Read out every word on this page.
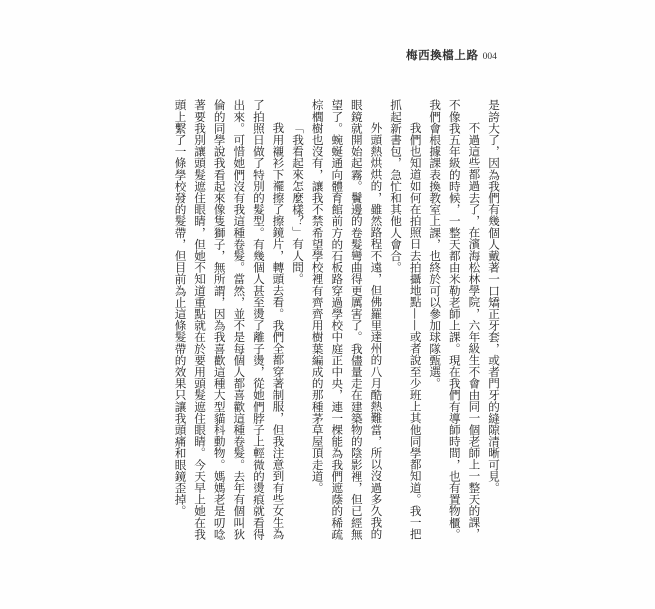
梅西換檔上路 004
是誇大了，因為我們有幾個人戴著一口矯正牙套，或者門牙的縫隙清晰可見。
不過這些都過去了，在濱海松林學院，六年級生不會由同一個老師上一整天的課，
不像我五年級的時候，一整天都由米勒老師上課。現在我們有導師時間，也有置物櫃。
我們會根據課表換教室上課，也終於可以參加球隊甄選。
我們也知道如何在拍照日去拍攝地點——或者說至少班上其他同學都知道。我一把
抓起新書包，急忙和其他人會合。
外頭熱烘烘的，雖然路程不遠，但佛羅里達州的八月酷熱難當，所以沒過多久我的
眼鏡就開始起霧。鬢邊的卷髮彎曲得更厲害了。我儘量走在建築物的陰影裡，但已經無
望了。蜿蜒通向體育館前方的石板路穿過學校中庭正中央，連一棵能為我們遮蔭的稀疏
棕櫚樹也沒有，讓我不禁希望學校裡有齊齊用樹葉編成的那種茅草屋頂走道。
「我看起來怎麼樣？」有人問。
我用襯衫下襬擦了擦鏡片，轉頭去看。我們全都穿著制服，但我注意到有些女生為
了拍照日做了特別的髮型。有幾個人甚至燙了離子燙，從她們脖子上輕微的燙痕就看得
出來。可惜她們沒有我這種卷髮。當然，並不是每個人都喜歡這種卷髮。去年有個叫狄
倫的同學說我看起來像隻獅子，無所謂，因為我喜歡這種大型貓科動物。媽媽老是叨唸
著要我別讓頭髮遮住眼睛，但她不知道重點就在於要用頭髮遮住眼睛。今天早上她在我
頭上繫了一條學校發的髮帶，但目前為止這條髮帶的效果只讓我頭痛和眼鏡歪掉。
